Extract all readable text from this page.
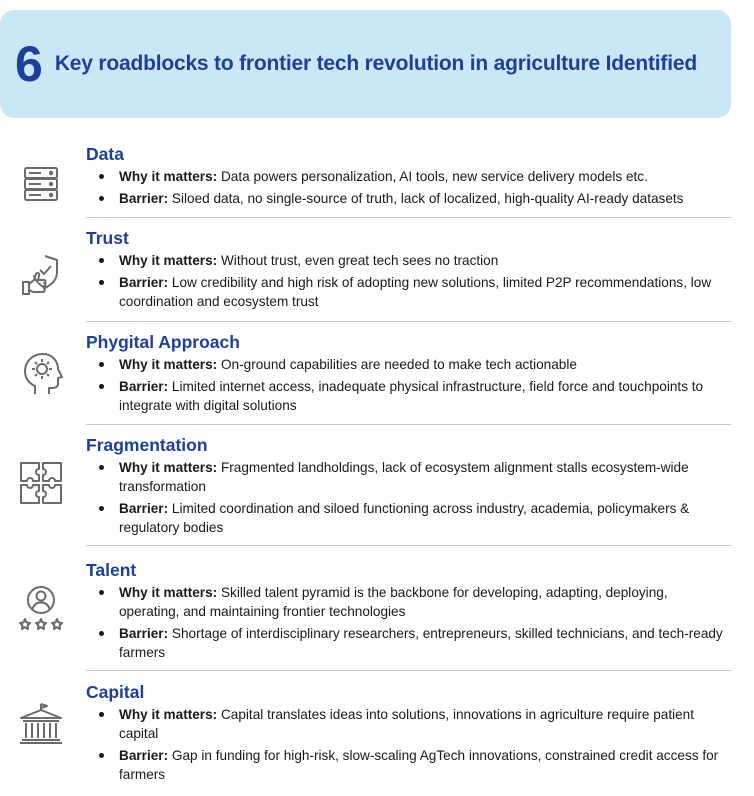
6 Key roadblocks to frontier tech revolution in agriculture Identified
Data
Why it matters: Data powers personalization, AI tools, new service delivery models etc.
Barrier: Siloed data, no single-source of truth, lack of localized, high-quality AI-ready datasets
Trust
Why it matters: Without trust, even great tech sees no traction
Barrier: Low credibility and high risk of adopting new solutions, limited P2P recommendations, low coordination and ecosystem trust
Phygital Approach
Why it matters: On-ground capabilities are needed to make tech actionable
Barrier: Limited internet access, inadequate physical infrastructure, field force and touchpoints to integrate with digital solutions
Fragmentation
Why it matters: Fragmented landholdings, lack of ecosystem alignment stalls ecosystem-wide transformation
Barrier: Limited coordination and siloed functioning across industry, academia, policymakers & regulatory bodies
Talent
Why it matters: Skilled talent pyramid is the backbone for developing, adapting, deploying, operating, and maintaining frontier technologies
Barrier: Shortage of interdisciplinary researchers, entrepreneurs, skilled technicians, and tech-ready farmers
Capital
Why it matters: Capital translates ideas into solutions, innovations in agriculture require patient capital
Barrier: Gap in funding for high-risk, slow-scaling AgTech innovations, constrained credit access for farmers
